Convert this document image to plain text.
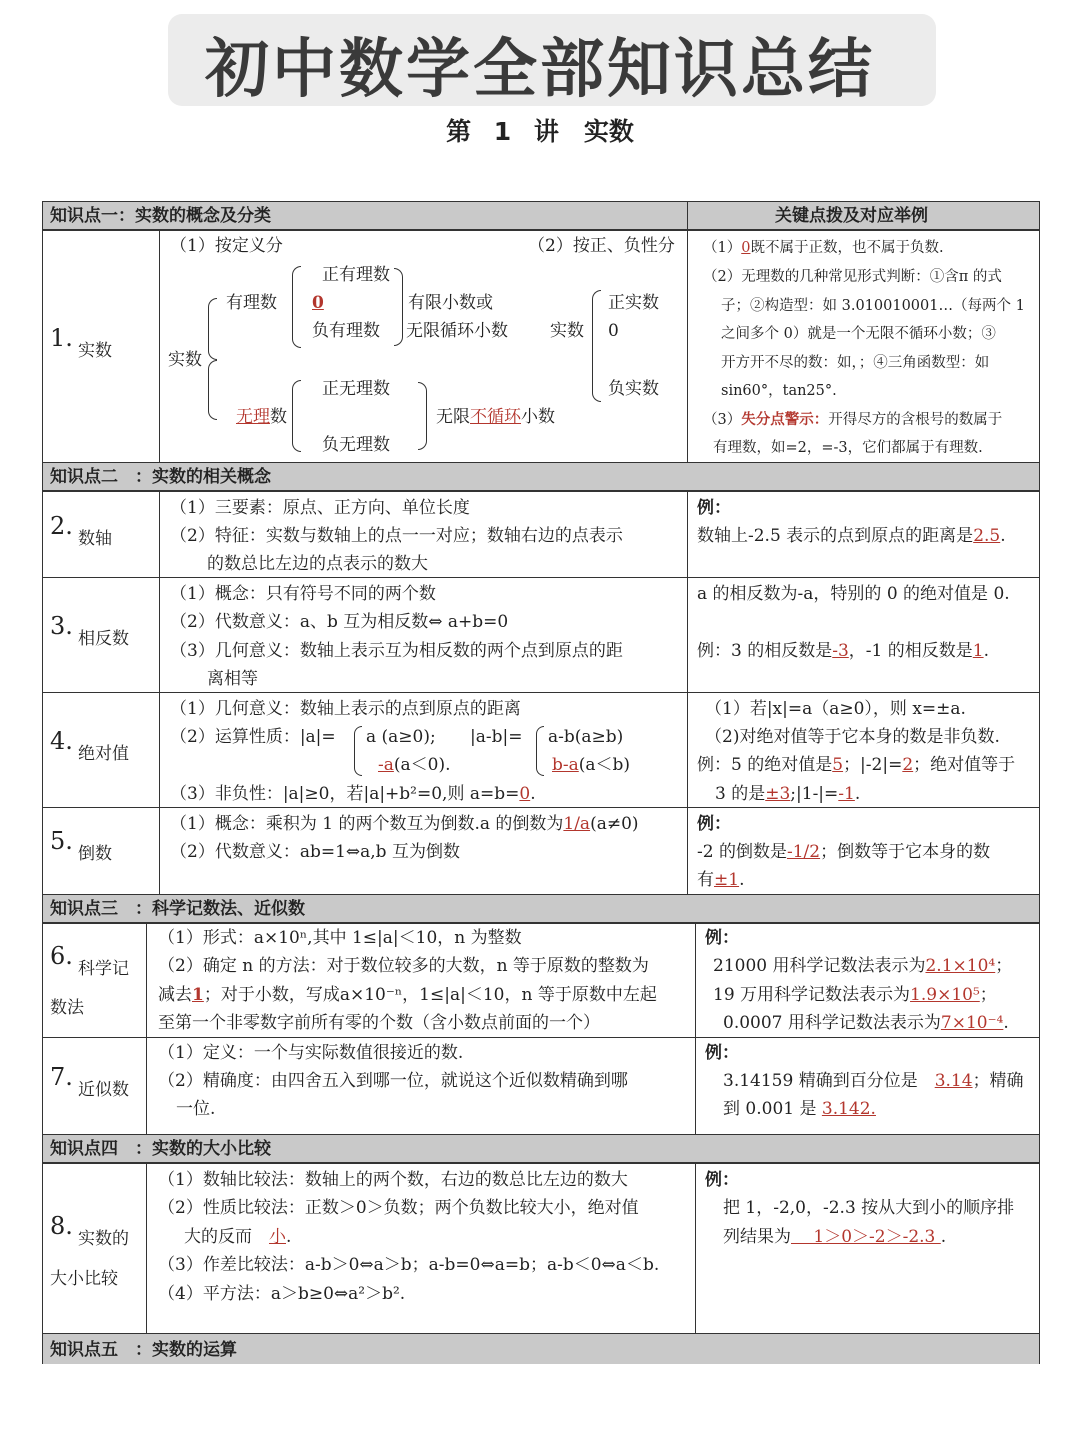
初中数学全部知识总结
第 1 讲　实数
知识点一：实数的概念及分类	关键点拨及对应举例
1. 实数
（1）按定义分	（2）按正、负性分
实数
有理数
正有理数
0
负有理数
有限小数或
无限循环小数
无理数
正无理数
负无理数
无限不循环小数
实数
正实数
0
负实数
（1）0既不属于正数，也不属于负数.
（2）无理数的几种常见形式判断：①含π 的式
子；②构造型：如 3.010010001…（每两个 1
之间多个 0）就是一个无限不循环小数；③
开方开不尽的数：如，；④三角函数型：如
sin60°，tan25°.
（3）失分点警示：开得尽方的含根号的数属于
有理数，如=2，=-3，它们都属于有理数.
知识点二　：实数的相关概念
2. 数轴
（1）三要素：原点、正方向、单位长度
（2）特征：实数与数轴上的点一一对应；数轴右边的点表示
的数总比左边的点表示的数大
例：
数轴上-2.5 表示的点到原点的距离是2.5.
3. 相反数
（1）概念：只有符号不同的两个数
（2）代数意义：a、b 互为相反数⇔ a+b=0
（3）几何意义：数轴上表示互为相反数的两个点到原点的距
离相等
a 的相反数为-a，特别的 0 的绝对值是 0.
例：3 的相反数是-3，-1 的相反数是1.
4. 绝对值
（1）几何意义：数轴上表示的点到原点的距离
（2）运算性质：|a|= a (a≥0);
-a(a＜0).
|a-b|= a-b(a≥b)
b-a(a＜b)
（3）非负性：|a|≥0，若|a|+b²=0,则 a=b=0.
（1）若|x|=a（a≥0），则 x=±a.
（2)对绝对值等于它本身的数是非负数.
例：5 的绝对值是5；|-2|=2；绝对值等于
3 的是±3;|1-|=-1.
5. 倒数
（1）概念：乘积为 1 的两个数互为倒数.a 的倒数为1/a(a≠0)
（2）代数意义：ab=1⇔a,b 互为倒数
例：
-2 的倒数是-1/2；倒数等于它本身的数
有±1.
知识点三　：科学记数法、近似数
6. 科学记
数法
（1）形式：a×10ⁿ,其中 1≤|a|＜10，n 为整数
（2）确定 n 的方法：对于数位较多的大数，n 等于原数的整数为
减去1；对于小数，写成a×10⁻ⁿ，1≤|a|＜10，n 等于原数中左起
至第一个非零数字前所有零的个数（含小数点前面的一个）
例：
21000 用科学记数法表示为2.1×10⁴；
19 万用科学记数法表示为1.9×10⁵；
0.0007 用科学记数法表示为7×10⁻⁴.
7. 近似数
（1）定义：一个与实际数值很接近的数.
（2）精确度：由四舍五入到哪一位，就说这个近似数精确到哪
一位.
例：
3.14159 精确到百分位是　 3.14；精确
到 0.001 是 3.142.
知识点四　：实数的大小比较
8. 实数的
大小比较
（1）数轴比较法：数轴上的两个数，右边的数总比左边的数大
（2）性质比较法：正数＞0＞负数；两个负数比较大小，绝对值
大的反而　 小.
（3）作差比较法：a-b＞0⇔a＞b；a-b=0⇔a=b；a-b＜0⇔a＜b.
（4）平方法：a＞b≥0⇔a²＞b².
例：
把 1，-2,0，-2.3 按从大到小的顺序排
列结果为　 1＞0＞-2＞-2.3 .
知识点五　：实数的运算
